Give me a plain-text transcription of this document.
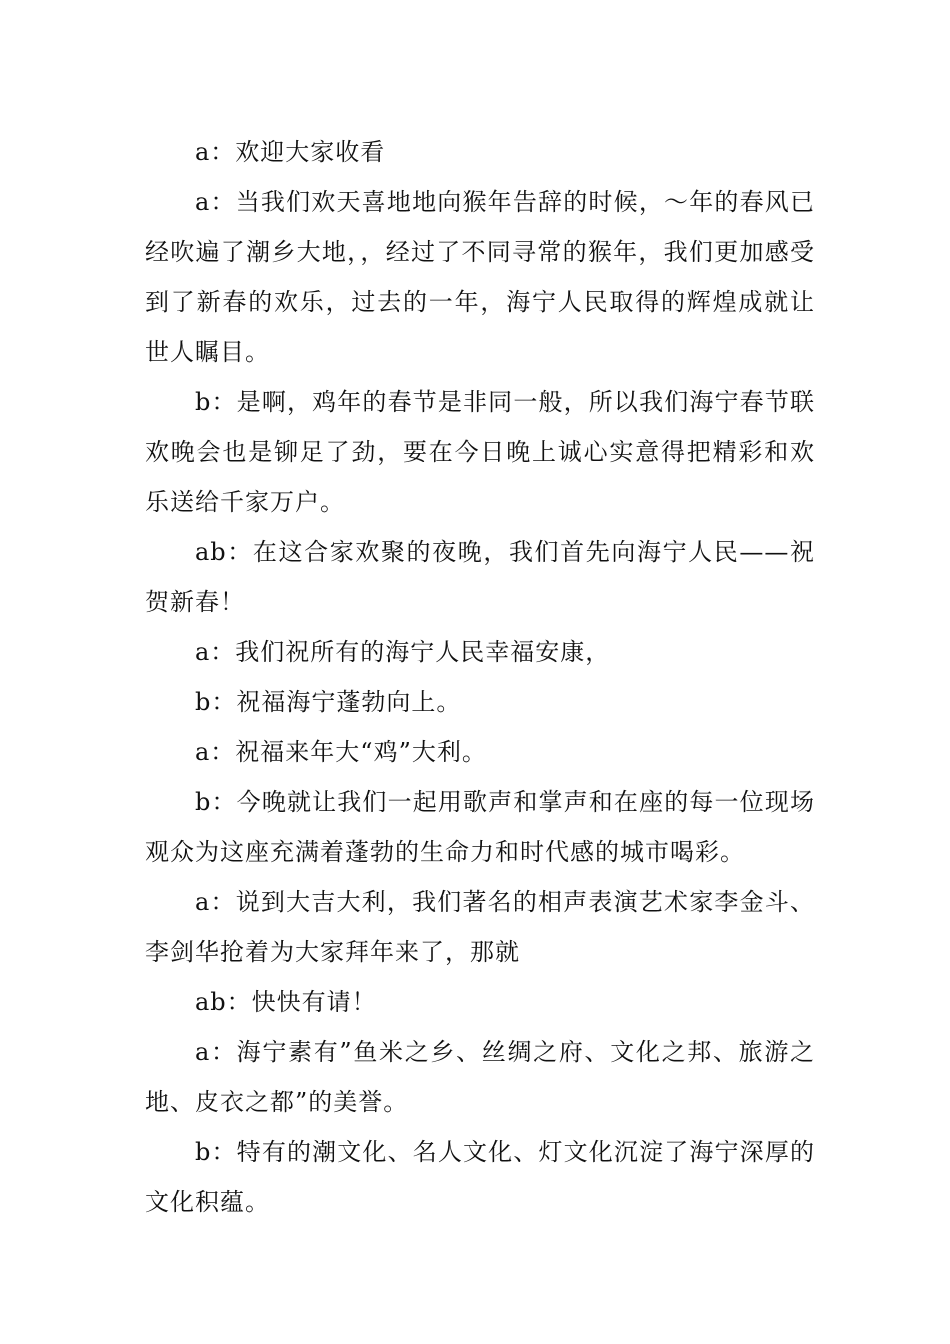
a：欢迎大家收看

a：当我们欢天喜地地向猴年告辞的时候，～年的春风已经吹遍了潮乡大地，，经过了不同寻常的猴年，我们更加感受到了新春的欢乐，过去的一年，海宁人民取得的辉煌成就让世人瞩目。

b：是啊，鸡年的春节是非同一般，所以我们海宁春节联欢晚会也是铆足了劲，要在今日晚上诚心实意得把精彩和欢乐送给千家万户。

ab：在这合家欢聚的夜晚，我们首先向海宁人民——祝贺新春！

a：我们祝所有的海宁人民幸福安康，

b：祝福海宁蓬勃向上。

a：祝福来年大“鸡”大利。

b：今晚就让我们一起用歌声和掌声和在座的每一位现场观众为这座充满着蓬勃的生命力和时代感的城市喝彩。

a：说到大吉大利，我们著名的相声表演艺术家李金斗、李剑华抢着为大家拜年来了，那就

ab：快快有请！

a：海宁素有”鱼米之乡、丝绸之府、文化之邦、旅游之地、皮衣之都”的美誉。

b：特有的潮文化、名人文化、灯文化沉淀了海宁深厚的文化积蕴。
